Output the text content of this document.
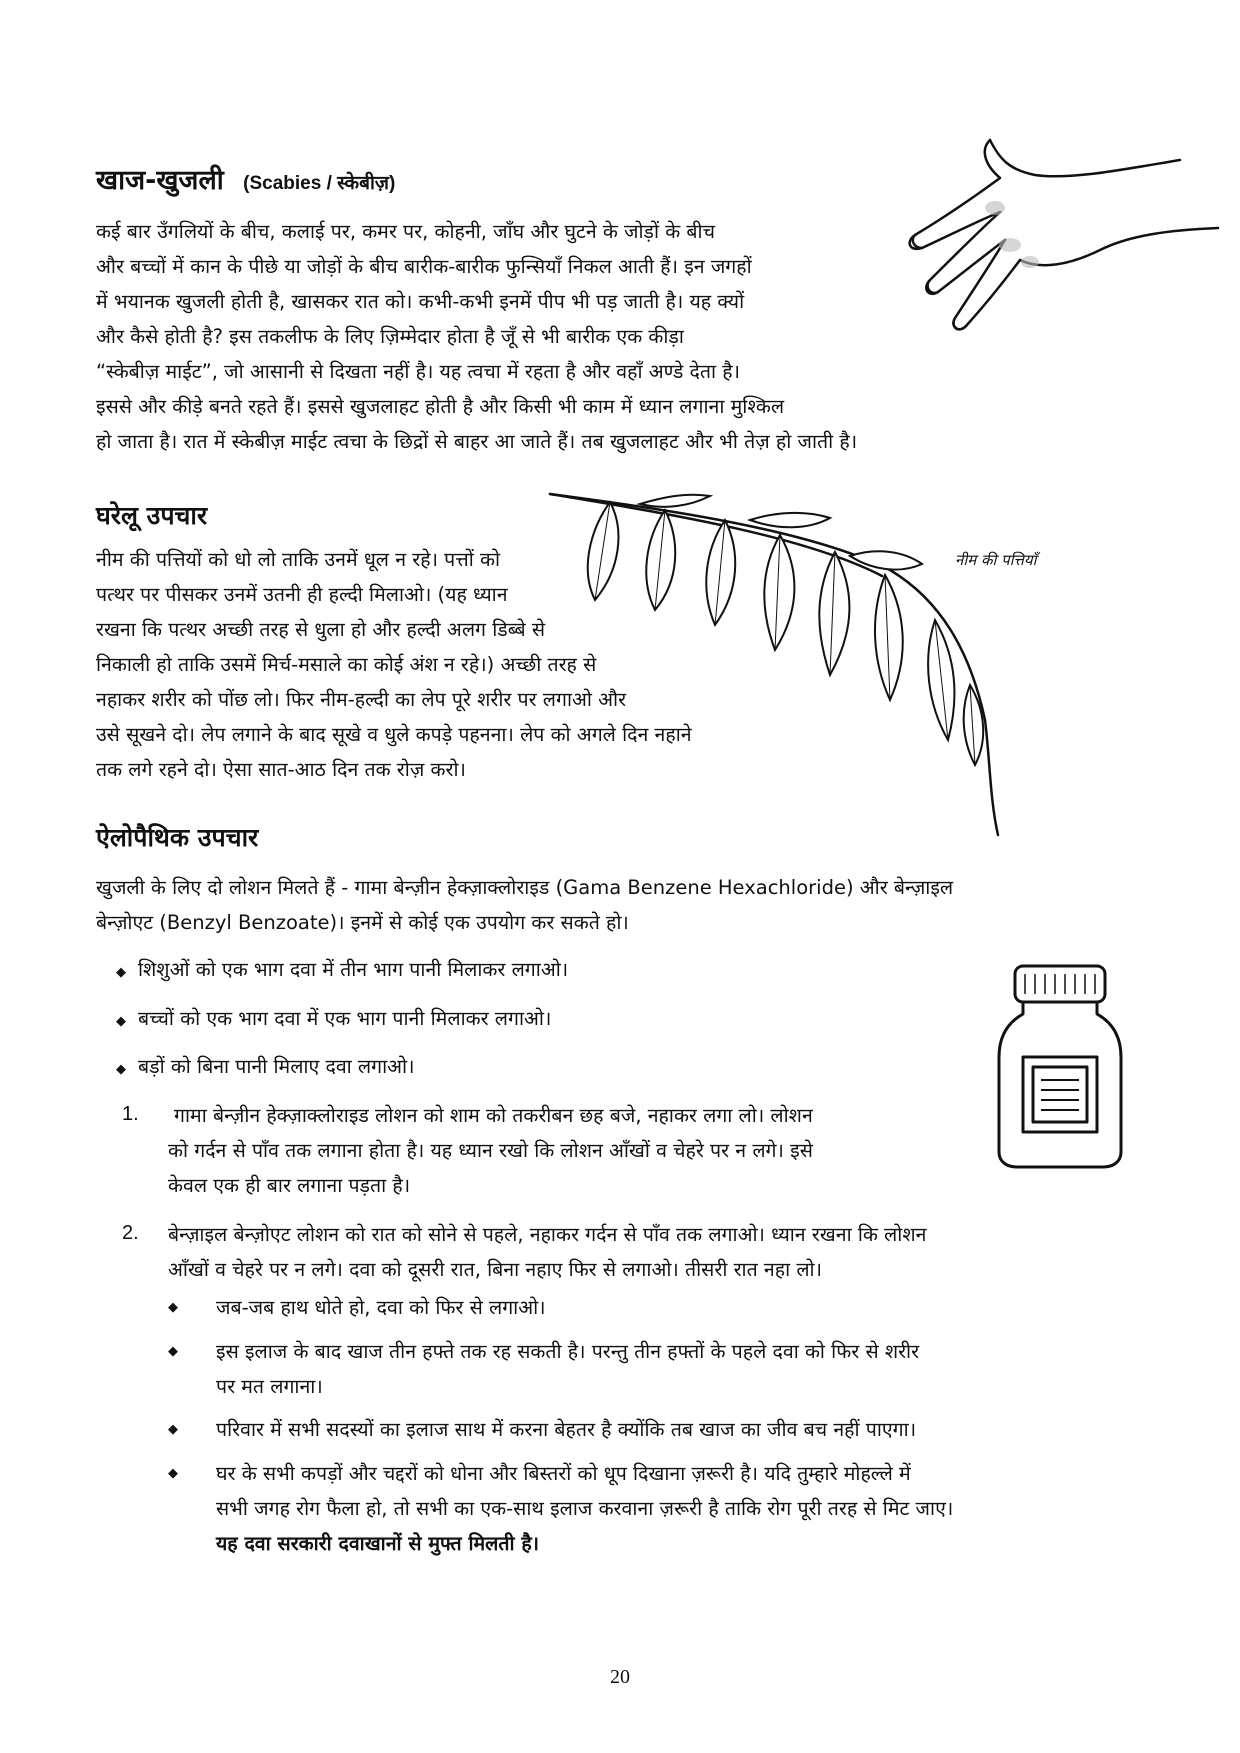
खाज-खुजली (Scabies / स्केबीज़)
कई बार उँगलियों के बीच, कलाई पर, कमर पर, कोहनी, जाँघ और घुटने के जोड़ों के बीच
और बच्चों में कान के पीछे या जोड़ों के बीच बारीक-बारीक फुन्सियाँ निकल आती हैं। इन जगहों
में भयानक खुजली होती है, खासकर रात को। कभी-कभी इनमें पीप भी पड़ जाती है। यह क्यों
और कैसे होती है? इस तकलीफ के लिए ज़िम्मेदार होता है जूँ से भी बारीक एक कीड़ा
“स्केबीज़ माईट”, जो आसानी से दिखता नहीं है। यह त्वचा में रहता है और वहाँ अण्डे देता है।
इससे और कीड़े बनते रहते हैं। इससे खुजलाहट होती है और किसी भी काम में ध्यान लगाना मुश्किल
हो जाता है। रात में स्केबीज़ माईट त्वचा के छिद्रों से बाहर आ जाते हैं। तब खुजलाहट और भी तेज़ हो जाती है।
घरेलू उपचार
नीम की पत्तियाँ
नीम की पत्तियों को धो लो ताकि उनमें धूल न रहे। पत्तों को
पत्थर पर पीसकर उनमें उतनी ही हल्दी मिलाओ। (यह ध्यान
रखना कि पत्थर अच्छी तरह से धुला हो और हल्दी अलग डिब्बे से
निकाली हो ताकि उसमें मिर्च-मसाले का कोई अंश न रहे।) अच्छी तरह से
नहाकर शरीर को पोंछ लो। फिर नीम-हल्दी का लेप पूरे शरीर पर लगाओ और
उसे सूखने दो। लेप लगाने के बाद सूखे व धुले कपड़े पहनना। लेप को अगले दिन नहाने
तक लगे रहने दो। ऐसा सात-आठ दिन तक रोज़ करो।
ऐलोपैथिक उपचार
खुजली के लिए दो लोशन मिलते हैं - गामा बेन्ज़ीन हेक्ज़ाक्लोराइड (Gama Benzene Hexachloride) और बेन्ज़ाइल
बेन्ज़ोएट (Benzyl Benzoate)। इनमें से कोई एक उपयोग कर सकते हो।
◆ शिशुओं को एक भाग दवा में तीन भाग पानी मिलाकर लगाओ।
◆ बच्चों को एक भाग दवा में एक भाग पानी मिलाकर लगाओ।
◆ बड़ों को बिना पानी मिलाए दवा लगाओ।
1.	गामा बेन्ज़ीन हेक्ज़ाक्लोराइड लोशन को शाम को तकरीबन छह बजे, नहाकर लगा लो। लोशन
को गर्दन से पाँव तक लगाना होता है। यह ध्यान रखो कि लोशन आँखों व चेहरे पर न लगे। इसे
केवल एक ही बार लगाना पड़ता है।
2. बेन्ज़ाइल बेन्ज़ोएट लोशन को रात को सोने से पहले, नहाकर गर्दन से पाँव तक लगाओ। ध्यान रखना कि लोशन
आँखों व चेहरे पर न लगे। दवा को दूसरी रात, बिना नहाए फिर से लगाओ। तीसरी रात नहा लो।
◆	जब-जब हाथ धोते हो, दवा को फिर से लगाओ।
◆	इस इलाज के बाद खाज तीन हफ्ते तक रह सकती है। परन्तु तीन हफ्तों के पहले दवा को फिर से शरीर
पर मत लगाना।
◆	परिवार में सभी सदस्यों का इलाज साथ में करना बेहतर है क्योंकि तब खाज का जीव बच नहीं पाएगा।
◆	घर के सभी कपड़ों और चद्दरों को धोना और बिस्तरों को धूप दिखाना ज़रूरी है। यदि तुम्हारे मोहल्ले में
सभी जगह रोग फैला हो, तो सभी का एक-साथ इलाज करवाना ज़रूरी है ताकि रोग पूरी तरह से मिट जाए।
यह दवा सरकारी दवाखानों से मुफ्त मिलती है।
20
